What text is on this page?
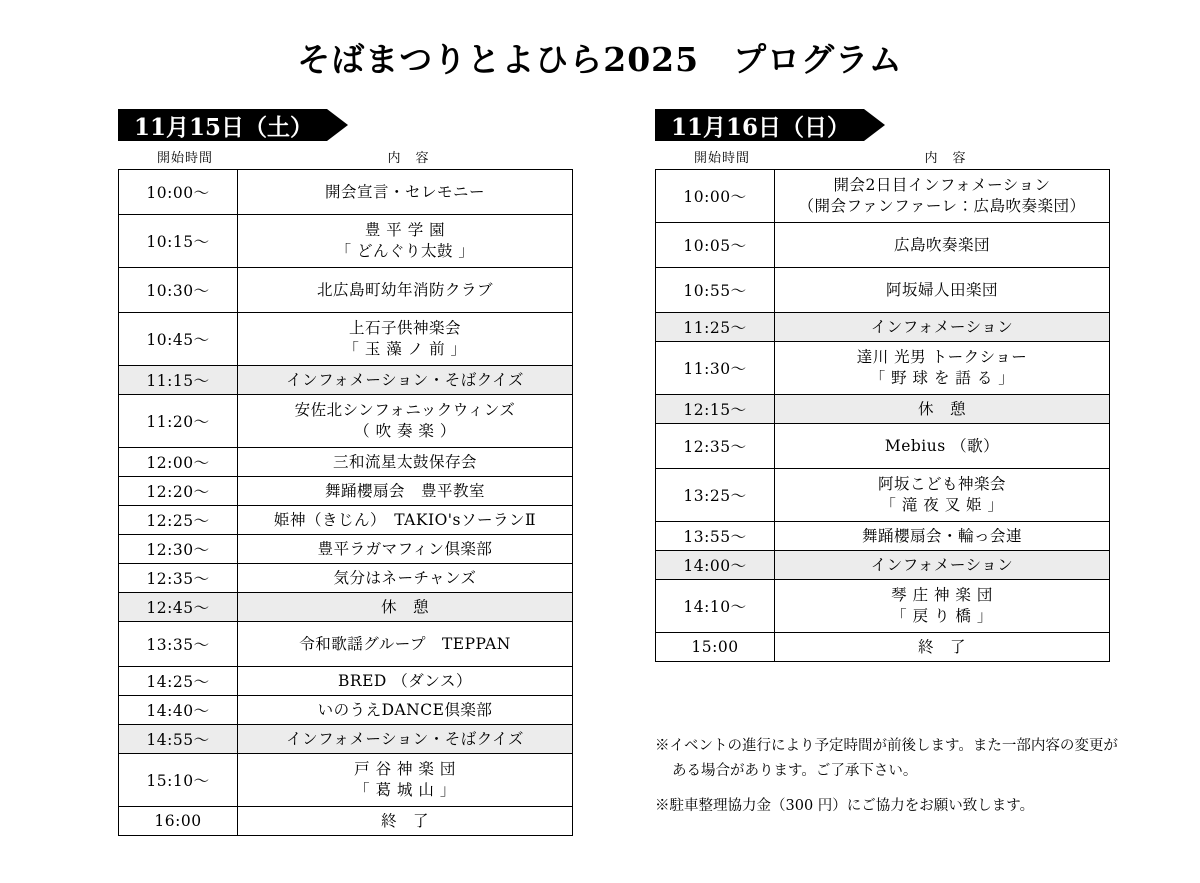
そばまつりとよひら2025　プログラム
11月15日（土）
開始時間	内　容
10:00〜	開会宣言・セレモニー

10:15〜	豊 平 学 園
「 どんぐり太鼓 」

10:30〜	北広島町幼年消防クラブ

10:45〜	上石子供神楽会
「 玉 藻 ノ 前 」

11:15〜	インフォメーション・そばクイズ

11:20〜	安佐北シンフォニックウィンズ
（ 吹 奏 楽 ）

12:00〜	三和流星太鼓保存会

12:20〜	舞踊櫻扇会　豊平教室

12:25〜	姫神（きじん）　TAKIO'sソーランⅡ

12:30〜	豊平ラガマフィン倶楽部

12:35〜	気分はネーチャンズ

12:45〜	休　憩

13:35〜	令和歌謡グループ　TEPPAN

14:25〜	BRED （ダンス）

14:40〜	いのうえDANCE倶楽部

14:55〜	インフォメーション・そばクイズ

15:10〜	戸 谷 神 楽 団
「 葛 城 山 」

16:00	終　了
11月16日（日）
開始時間	内　容
10:00〜	開会2日目インフォメーション
（開会ファンファーレ：広島吹奏楽団）

10:05〜	広島吹奏楽団

10:55〜	阿坂婦人田楽団

11:25〜	インフォメーション

11:30〜	達川 光男 トークショー
「 野 球 を 語 る 」

12:15〜	休　憩

12:35〜	Mebius （歌）

13:25〜	阿坂こども神楽会
「 滝 夜 叉 姫 」

13:55〜	舞踊櫻扇会・輪っ会連

14:00〜	インフォメーション

14:10〜	琴 庄 神 楽 団
「 戻 り 橋 」

15:00	終　了

※イベントの進行により予定時間が前後します。また一部内容の変更が
ある場合があります。ご了承下さい。

※駐車整理協力金（300 円）にご協力をお願い致します。
